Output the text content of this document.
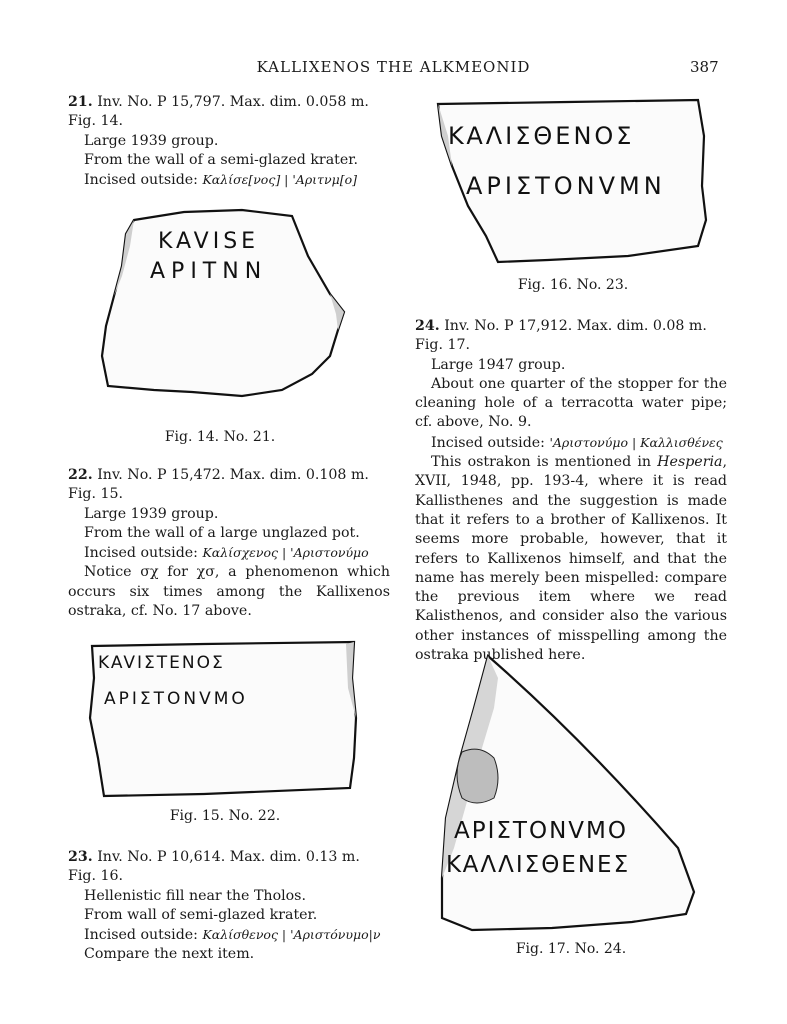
KALLIXENOS THE ALKMEONID	387

21. Inv. No. P 15,797. Max. dim. 0.058 m. Fig. 14.

Large 1939 group.

From the wall of a semi-glazed krater.

Incised outside: Καλίσε[νος] | 'Αριτνμ[ο]

KAVISE
APITNN
Fig. 14. No. 21.

22. Inv. No. P 15,472. Max. dim. 0.108 m. Fig. 15.

Large 1939 group.

From the wall of a large unglazed pot.

Incised outside: Καλίσχενος | 'Αριστονύμο

Notice σχ for χσ, a phenomenon which occurs six times among the Kallixenos ostraka, cf. No. 17 above.

KAVIΣTENOΣ
APIΣTONVMO
Fig. 15. No. 22.

23. Inv. No. P 10,614. Max. dim. 0.13 m. Fig. 16.

Hellenistic fill near the Tholos.

From wall of semi-glazed krater.

Incised outside: Καλίσθενος | 'Αριστόνυμο|ν

Compare the next item.

KAΛIΣΘENOΣ
APIΣTONVMN
Fig. 16. No. 23.

24. Inv. No. P 17,912. Max. dim. 0.08 m. Fig. 17.

Large 1947 group.

About one quarter of the stopper for the cleaning hole of a terracotta water pipe; cf. above, No. 9.

Incised outside: 'Αριστονύμο | Καλλισθένες

This ostrakon is mentioned in Hesperia, XVII, 1948, pp. 193-4, where it is read Kallisthenes and the suggestion is made that it refers to a brother of Kallixenos. It seems more probable, however, that it refers to Kallixenos himself, and that the name has merely been mispelled: compare the previous item where we read Kalisthenos, and consider also the various other instances of misspelling among the ostraka published here.

APIΣTONVMO
KAΛΛIΣΘENEΣ
Fig. 17. No. 24.
